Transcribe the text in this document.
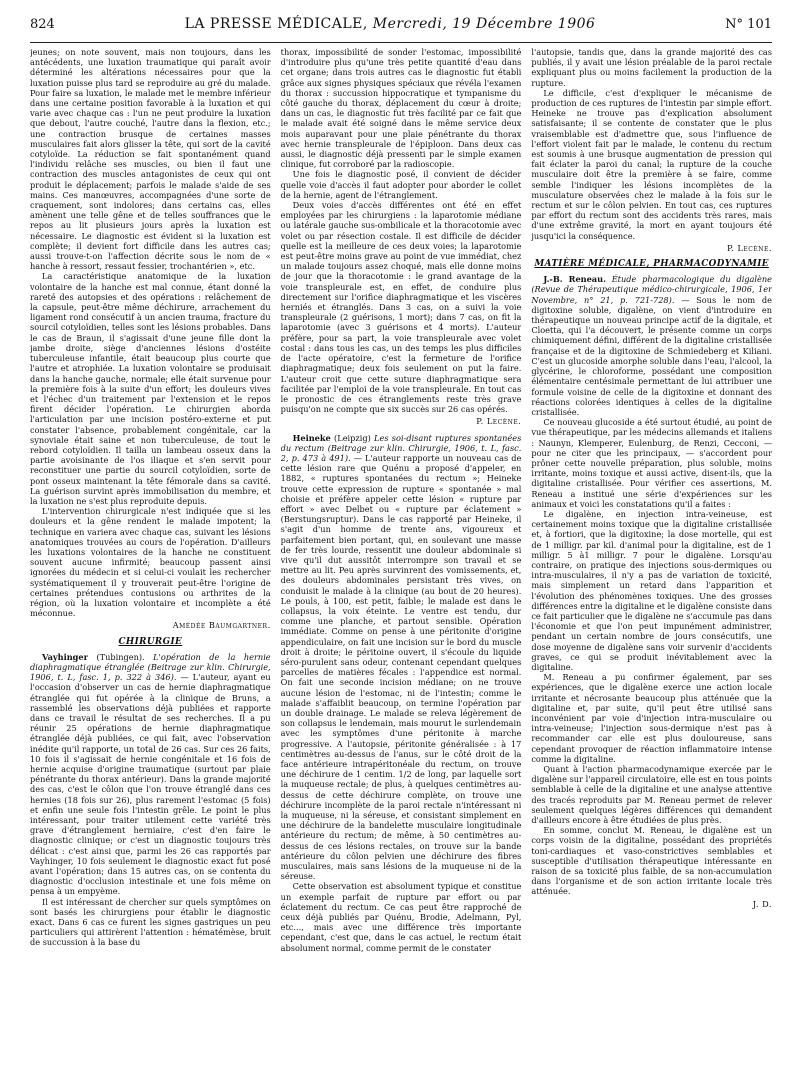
824	LA PRESSE MÉDICALE, Mercredi, 19 Décembre 1906	N° 101

jeunes; on note souvent, mais non toujours, dans les antécédents, une luxation traumatique qui paraît avoir déterminé les altérations nécessaires pour que la luxation puisse plus tard se reproduire au gré du malade. Pour faire sa luxation, le malade met le membre inférieur dans une certaine position favorable à la luxation et qui varie avec chaque cas : l'un ne peut produire la luxation que debout, l'autre couché, l'autre dans la flexion, etc.; une contraction brusque de certaines masses musculaires fait alors glisser la tête, qui sort de la cavité cotyloïde. La réduction se fait spontanément quand l'individu relâche ses muscles, ou bien il faut une contraction des muscles antagonistes de ceux qui ont produit le déplacement; parfois le malade s'aide de ses mains. Ces manœuvres, accompagnées d'une sorte de craquement, sont indolores; dans certains cas, elles amènent une telle gêne et de telles souffrances que le repos au lit plusieurs jours après la luxation est nécessaire. Le diagnostic est évident si la luxation est complète; il devient fort difficile dans les autres cas; aussi trouve-t-on l'affection décrite sous le nom de « hanche à ressort, ressaut fessier, trochantérien », etc.

La caractéristique anatomique de la luxation volontaire de la hanche est mal connue, étant donné la rareté des autopsies et des opérations : relâchement de la capsule, peut-être même déchirure, arrachement du ligament rond consécutif à un ancien trauma, fracture du sourcil cotyloïdien, telles sont les lésions probables. Dans le cas de Braun, il s'agissait d'une jeune fille dont la jambe droite, siège d'anciennes lésions d'ostéite tuberculeuse infantile, était beaucoup plus courte que l'autre et atrophiée. La luxation volontaire se produisait dans la hanche gauche, normale; elle était survenue pour la première fois à la suite d'un effort; les douleurs vives et l'échec d'un traitement par l'extension et le repos firent décider l'opération. Le chirurgien aborda l'articulation par une incision postéro-externe et put constater l'absence, probablement congénitale, car la synoviale était saine et non tuberculeuse, de tout le rebord cotyloïdien. Il tailla un lambeau osseux dans la partie avoisinante de l'os iliaque et s'en servit pour reconstituer une partie du sourcil cotyloïdien, sorte de pont osseux maintenant la tête fémorale dans sa cavité. La guérison survint après immobilisation du membre, et la luxation ne s'est plus reproduite depuis.

L'intervention chirurgicale n'est indiquée que si les douleurs et la gêne rendent le malade impotent; la technique en variera avec chaque cas, suivant les lésions anatomiques trouvées au cours de l'opération. D'ailleurs les luxations volontaires de la hanche ne constituent souvent aucune infirmité; beaucoup passent ainsi ignorées du médecin et si celui-ci voulait les rechercher systématiquement il y trouverait peut-être l'origine de certaines prétendues contusions ou arthrites de la région, où la luxation volontaire et incomplète a été méconnue.

Amédée Baumgartner.
CHIRURGIE

Vayhinger (Tubingen). L'opération de la hernie diaphragmatique étranglée (Beitrage zur klin. Chirurgie, 1906, t. L, fasc. 1, p. 322 à 346). — L'auteur, ayant eu l'occasion d'observer un cas de hernie diaphragmatique étranglée qui fut opérée à la clinique de Bruns, a rassemblé les observations déjà publiées et rapporte dans ce travail le résultat de ses recherches. Il a pu réunir 25 opérations de hernie diaphragmatique étranglée déjà publiées, ce qui fait, avec l'observation inédite qu'il rapporte, un total de 26 cas. Sur ces 26 faits, 10 fois il s'agissait de hernie congénitale et 16 fois de hernie acquise d'origine traumatique (surtout par plaie pénétrante du thorax antérieur). Dans la grande majorité des cas, c'est le côlon que l'on trouve étranglé dans ces hernies (18 fois sur 26), plus rarement l'estomac (5 fois) et enfin une seule fois l'intestin grêle. Le point le plus intéressant, pour traiter utilement cette variété très grave d'étranglement herniaire, c'est d'en faire le diagnostic clinique; or c'est un diagnostic toujours très délicat : c'est ainsi que, parmi les 26 cas rapportés par Vayhinger, 10 fois seulement le diagnostic exact fut posé avant l'opération; dans 15 autres cas, on se contenta du diagnostic d'occlusion intestinale et une fois même on pensa à un empyème.

Il est intéressant de chercher sur quels symptômes on sont basés les chirurgiens pour établir le diagnostic exact. Dans 6 cas ce furent les signes gastriques un peu particuliers qui attirèrent l'attention : hématémèse, bruit de succussion à la base du

thorax, impossibilité de sonder l'estomac, impossibilité d'introduire plus qu'une très petite quantité d'eau dans cet organe; dans trois autres cas le diagnostic fut établi grâce aux signes physiques spéciaux que révéla l'examen du thorax : succussion hippocratique et tympanisme du côté gauche du thorax, déplacement du cœur à droite; dans un cas, le diagnostic fut très facilité par ce fait que le malade avait été soigné dans le même service deux mois auparavant pour une plaie pénétrante du thorax avec hernie transpleurale de l'épiploon. Dans deux cas aussi, le diagnostic déjà pressenti par le simple examen clinique, fut corroboré par la radioscopie.

Une fois le diagnostic posé, il convient de décider quelle voie d'accès il faut adopter pour aborder le collet de la hernie, agent de l'étranglement.

Deux voies d'accès différentes ont été en effet employées par les chirurgiens : la laparotomie médiane ou latérale gauche sus-ombilicale et la thoracotomie avec volet ou par résection costale. Il est difficile de décider quelle est la meilleure de ces deux voies; la laparotomie est peut-être moins grave au point de vue immédiat, chez un malade toujours assez choqué, mais elle donne moins de jour que la thoracotomie : le grand avantage de la voie transpleurale est, en effet, de conduire plus directement sur l'orifice diaphragmatique et les viscères herniés et étranglés. Dans 3 cas, on a suivi la voie transpleurale (2 guérisons, 1 mort); dans 7 cas, on fit la laparotomie (avec 3 guérisons et 4 morts). L'auteur préfère, pour sa part, la voie transpleurale avec volet costal : dans tous les cas, un des temps les plus difficiles de l'acte opératoire, c'est la fermeture de l'orifice diaphragmatique; deux fois seulement on put la faire. L'auteur croit que cette suture diaphragmatique sera facilitée par l'emploi de la voie transpleurale. En tout cas le pronostic de ces étranglements reste très grave puisqu'on ne compte que six succès sur 26 cas opérés.

P. Lecène.

Heineke (Leipzig) Les soi-disant ruptures spontanées du rectum (Beitrage zur klin. Chirurgie, 1906, t. L, fasc. 2, p. 473 à 491). — L'auteur rapporte un nouveau cas de cette lésion rare que Quénu a proposé d'appeler, en 1882, « ruptures spontanées du rectum »; Heineke trouve cette expression de rupture « spontanée » mal choisie et préfère appeler cette lésion « rupture par effort » avec Delbet ou « rupture par éclatement » (Berstungsruptur). Dans le cas rapporté par Heineke, il s'agit d'un homme de trente ans, vigoureux et parfaitement bien portant, qui, en soulevant une masse de fer très lourde, ressentit une douleur abdominale si vive qu'il dut aussitôt interrompre son travail et se mettre au lit. Peu après survinrent des vomissements, et, des douleurs abdominales persistant très vives, on conduisit le malade à la clinique (au bout de 20 heures). Le pouls, à 100, est petit, faible; le malade est dans le collapsus, la voix éteinte. Le ventre est tendu, dur comme une planche, et partout sensible. Opération immédiate. Comme on pense à une péritonite d'origine appendiculaire, on fait une incision sur le bord du muscle droit à droite; le péritoine ouvert, il s'écoule du liquide séro-purulent sans odeur, contenant cependant quelques parcelles de matières fécales : l'appendice est normal. On fait une seconde incision médiane; on ne trouve aucune lésion de l'estomac, ni de l'intestin; comme le malade s'affaiblit beaucoup, on termine l'opération par un double drainage. Le malade se releva légèrement de son collapsus le lendemain, mais mourut le surlendemain avec les symptômes d'une péritonite à marche progressive. A l'autopsie, péritonite généralisée : à 17 centimètres au-dessus de l'anus, sur le côté droit de la face antérieure intrapéritonéale du rectum, on trouve une déchirure de 1 centim. 1/2 de long, par laquelle sort la muqueuse rectale; de plus, à quelques centimètres au-dessus de cette déchirure complète, on trouve une déchirure incomplète de la paroi rectale n'intéressant ni la muqueuse, ni la séreuse, et consistant simplement en une déchirure de la bandelette musculaire longitudinale antérieure du rectum; de même, à 50 centimètres au-dessus de ces lésions rectales, on trouve sur la bande antérieure du côlon pelvien une déchirure des fibres musculaires, mais sans lésions de la muqueuse ni de la séreuse.

Cette observation est absolument typique et constitue un exemple parfait de rupture par effort ou par éclatement du rectum. Ce cas peut être rapproché de ceux déjà publiés par Quénu, Brodie, Adelmann, Pyl, etc..., mais avec une différence très importante cependant, c'est que, dans le cas actuel, le rectum était absolument normal, comme permit de le constater

l'autopsie, tandis que, dans la grande majorité des cas publiés, il y avait une lésion préalable de la paroi rectale expliquant plus ou moins facilement la production de la rupture.

Le difficile, c'est d'expliquer le mécanisme de production de ces ruptures de l'intestin par simple effort. Heineke ne trouve pas d'explication absolument satisfaisante; il se contente de constater que le plus vraisemblable est d'admettre que, sous l'influence de l'effort violent fait par le malade, le contenu du rectum est soumis à une brusque augmentation de pression qui fait éclater la paroi du canal; la rupture de la couche musculaire doit être la première à se faire, comme semble l'indiquer les lésions incomplètes de la musculature observées chez le malade à la fois sur le rectum et sur le côlon pelvien. En tout cas, ces ruptures par effort du rectum sont des accidents très rares, mais d'une extrême gravité, la mort en ayant toujours été jusqu'ici la conséquence.

P. Lecène.
MATIÈRE MÉDICALE, PHARMACODYNAMIE

J.-B. Reneau. Étude pharmacologique du digalène (Revue de Thérapeutique médico-chirurgicale, 1906, 1er Novembre, n° 21, p. 721-728). — Sous le nom de digitoxine soluble, digalène, on vient d'introduire en thérapeutique un nouveau principe actif de la digitale, et Cloetta, qui l'a découvert, le présente comme un corps chimiquement défini, différent de la digitaline cristallisée française et de la digitoxine de Schmiedeberg et Kiliani. C'est un glucoside amorphe soluble dans l'eau, l'alcool, la glycérine, le chloroforme, possédant une composition élémentaire centésimale permettant de lui attribuer une formule voisine de celle de la digitoxine et donnant des réactions colorées identiques à celles de la digitaline cristallisée.

Ce nouveau glucoside a été surtout étudié, au point de vue thérapeutique, par les médecins allemands et italiens : Naunyn, Klemperer, Eulenburg, de Renzi, Cecconi, — pour ne citer que les principaux, — s'accordent pour prôner cette nouvelle préparation, plus soluble, moins irritante, moins toxique et aussi active, disent-ils, que la digitaline cristallisée. Pour vérifier ces assertions, M. Reneau a institué une série d'expériences sur les animaux et voici les constatations qu'il a faites :

Le digalène, en injection intra-veineuse, est certainement moins toxique que la digitaline cristallisée et, à fortiori, que la digitoxine; la dose mortelle, qui est de 1 milligr. par kil. d'animal pour la digitaline, est de 1 milligr. 5 à1 milligr. 7 pour le digalène. Lorsqu'au contraire, on pratique des injections sous-dermiques ou intra-musculaires, il n'y a pas de variation de toxicité, mais simplement un retard dans l'apparition et l'évolution des phénomènes toxiques. Une des grosses différences entre la digitaline et le digalène consiste dans ce fait particulier que le digalène ne s'accumule pas dans l'économie et que l'on peut impunément administrer, pendant un certain nombre de jours consécutifs, une dose moyenne de digalène sans voir survenir d'accidents graves, ce qui se produit inévitablement avec la digitaline.

M. Reneau a pu confirmer également, par ses expériences, que le digalène exerce une action locale irritante et nécrosante beaucoup plus atténuée que la digitaline et, par suite, qu'il peut être utilisé sans inconvénient par voie d'injection intra-musculaire ou intra-veineuse; l'injection sous-dermique n'est pas à recommander car elle est plus douloureuse, sans cependant provoquer de réaction inflammatoire intense comme la digitaline.

Quant à l'action pharmacodynamique exercée par le digalène sur l'appareil circulatoire, elle est en tous points semblable à celle de la digitaline et une analyse attentive des tracés reproduits par M. Reneau permet de relever seulement quelques légères différences qui demandent d'ailleurs encore à être étudiées de plus près.

En somme, conclut M. Reneau, le digalène est un corps voisin de la digitaline, possédant des propriétés toni-cardiaques et vaso-constrictives semblables et susceptible d'utilisation thérapeutique intéressante en raison de sa toxicité plus faible, de sa non-accumulation dans l'organisme et de son action irritante locale très atténuée.

J. D.
